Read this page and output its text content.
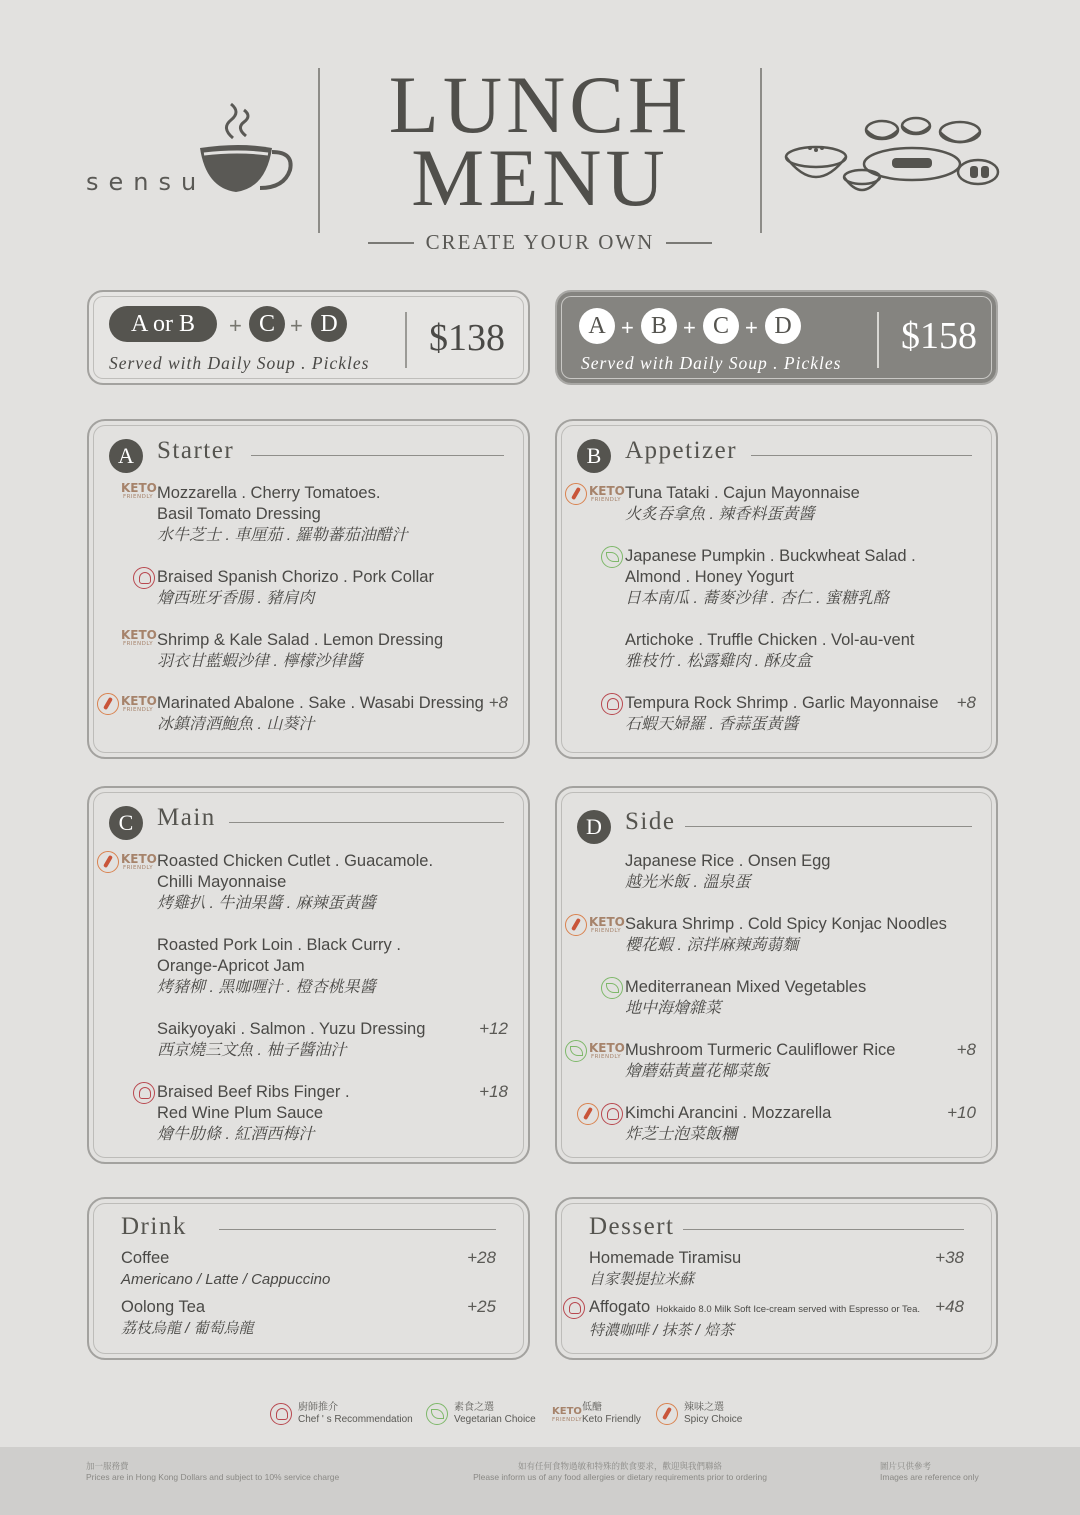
sensu
LUNCH
MENU
CREATE YOUR OWN
A or B	+ C + D
Served with Daily Soup . Pickles
$138	A + B + C + D
Served with Daily Soup . Pickles
$158
A Starter
KETO
FRIENDLY Mozzarella . Cherry Tomatoes.
Basil Tomato Dressing
水牛芝士 . 車厘茄 . 羅勒蕃茄油醋汁
Braised Spanish Chorizo . Pork Collar
燴西班牙香腸 . 豬肩肉
KETO
FRIENDLY Shrimp & Kale Salad . Lemon Dressing
羽衣甘藍蝦沙律 . 檸檬沙律醬
KETO
FRIENDLY Marinated Abalone . Sake . Wasabi Dressing
冰鎮清酒鮑魚 . 山葵汁
+8
B Appetizer
KETO
FRIENDLY Tuna Tataki . Cajun Mayonnaise
火炙吞拿魚 . 辣香料蛋黃醬
Japanese Pumpkin . Buckwheat Salad .
Almond . Honey Yogurt
日本南瓜 . 蕎麥沙律 . 杏仁 . 蜜糖乳酪
Artichoke . Truffle Chicken . Vol-au-vent
雅枝竹 . 松露雞肉 . 酥皮盒
Tempura Rock Shrimp . Garlic Mayonnaise
石蝦天婦羅 . 香蒜蛋黃醬
+8
C Main
KETO
FRIENDLY Roasted Chicken Cutlet . Guacamole.
Chilli Mayonnaise
烤雞扒 . 牛油果醬 . 麻辣蛋黃醬
Roasted Pork Loin . Black Curry .
Orange-Apricot Jam
烤豬柳 . 黑咖喱汁 . 橙杏桃果醬
Saikyoyaki . Salmon . Yuzu Dressing
西京燒三文魚 . 柚子醬油汁
+12
Braised Beef Ribs Finger .
Red Wine Plum Sauce
燴牛肋條 . 紅酒西梅汁
+18
D Side
Japanese Rice . Onsen Egg
越光米飯 . 溫泉蛋
KETO
FRIENDLY Sakura Shrimp . Cold Spicy Konjac Noodles
櫻花蝦 . 涼拌麻辣蒟蒻麵
Mediterranean Mixed Vegetables
地中海燴雜菜
KETO
FRIENDLY Mushroom Turmeric Cauliflower Rice
燴蘑菇黃薑花椰菜飯
+8
Kimchi Arancini . Mozzarella
炸芝士泡菜飯糰
+10
Drink
Coffee
Americano / Latte / Cappuccino
+28
Oolong Tea
荔枝烏龍 / 葡萄烏龍
+25
Dessert
Homemade Tiramisu
自家製提拉米蘇
+38
Affogato Hokkaido 8.0 Milk Soft Ice-cream served with Espresso or Tea.
特濃咖啡 / 抹茶 / 焙茶
+48
廚師推介
Chef ' s Recommendation
素食之選
Vegetarian Choice
KETO
FRIENDLY
低醣
Keto Friendly
辣味之選
Spicy Choice
加一服務費
Prices are in Hong Kong Dollars and subject to 10% service charge
如有任何食物過敏和特殊的飲食要求，歡迎與我們聯絡
Please inform us of any food allergies or dietary requirements prior to ordering
圖片只供參考
Images are reference only
